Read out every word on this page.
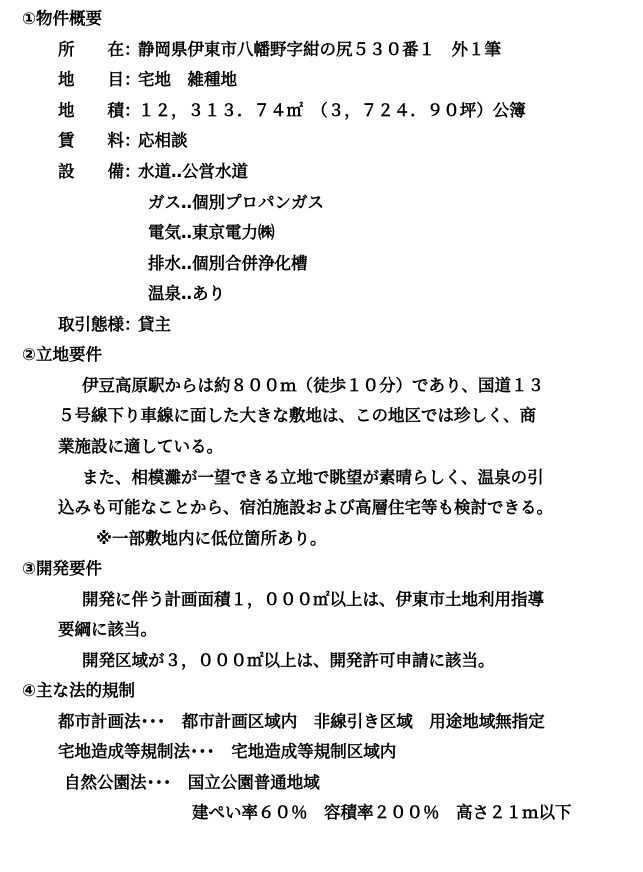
①物件概要
所　　在：静岡県伊東市八幡野字紺の尻５３０番１　外１筆
地　　目：宅地　雑種地
地　　積：１２，３１３．７４㎡　（３，７２４．９０坪）公簿
賃　　料：応相談
設　　備：水道‥公営水道
ガス‥個別プロパンガス
電気‥東京電力㈱
排水‥個別合併浄化槽
温泉‥あり
取引態様：貸主
②立地要件
伊豆高原駅からは約８００ｍ（徒歩１０分）であり、国道１３
５号線下り車線に面した大きな敷地は、この地区では珍しく、商
業施設に適している。
また、相模灘が一望できる立地で眺望が素晴らしく、温泉の引
込みも可能なことから、宿泊施設および高層住宅等も検討できる。
※一部敷地内に低位箇所あり。
③開発要件
開発に伴う計画面積１，０００㎡以上は、伊東市土地利用指導
要綱に該当。
開発区域が３，０００㎡以上は、開発許可申請に該当。
④主な法的規制
都市計画法･･･　都市計画区域内　非線引き区域　用途地域無指定
宅地造成等規制法･･･　宅地造成等規制区域内
自然公園法･･･　国立公園普通地域
建ぺい率６０％　容積率２００％　高さ２１ｍ以下
